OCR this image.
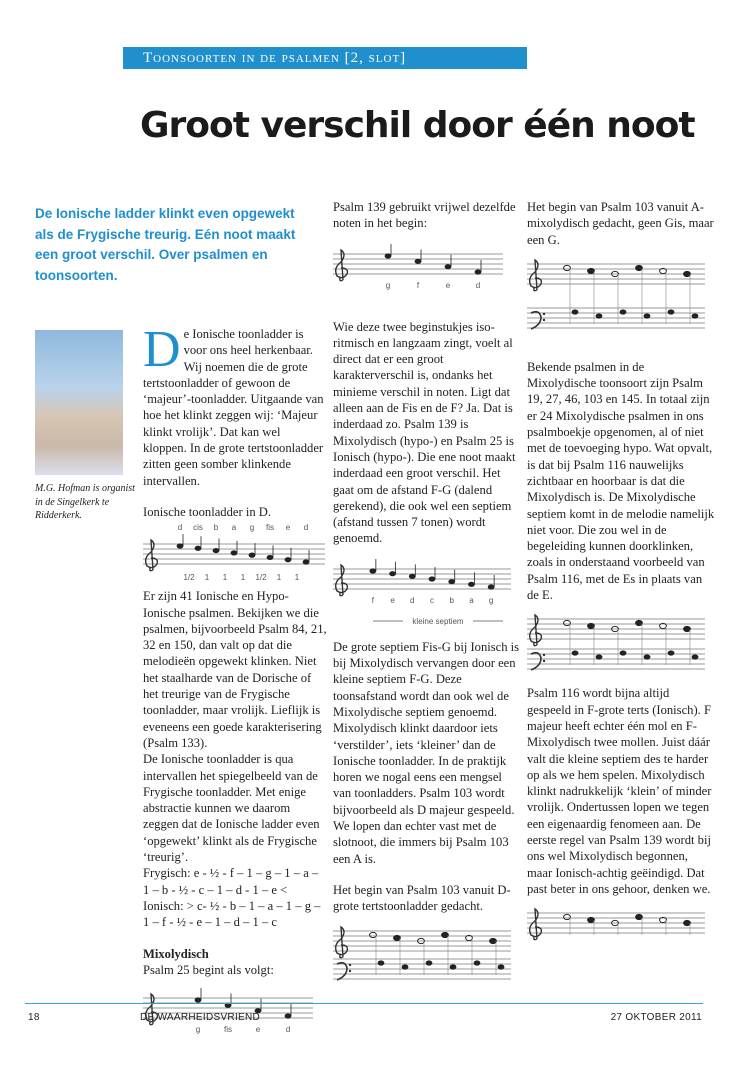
Toonsoorten in de psalmen [2, slot]
Groot verschil door één noot
De Ionische ladder klinkt even opgewekt als de Frygische treurig. Eén noot maakt een groot verschil. Over psalmen en toonsoorten.
M.G. Hofman is organist in de Singelkerk te Ridderkerk.
D e Ionische toonladder is voor ons heel herkenbaar. Wij noemen die de grote tertstoonladder of gewoon de ‘majeur’-toonladder. Uitgaande van hoe het klinkt zeggen wij: ‘Majeur klinkt vrolijk’. Dat kan wel kloppen. In de grote tertstoonladder zitten geen somber klinkende intervallen.

Ionische toonladder in D.

d cis b a g fis e d
1/2 1 1 1 1/2 1 1

Er zijn 41 Ionische en Hypo-Ionische psalmen. Bekijken we die psalmen, bijvoorbeeld Psalm 84, 21, 32 en 150, dan valt op dat die melodieën opgewekt klinken. Niet het staalharde van de Dorische of het treurige van de Frygische toonladder, maar vrolijk. Lieflijk is eveneens een goede karakterisering (Psalm 133).

De Ionische toonladder is qua intervallen het spiegelbeeld van de Frygische toonladder. Met enige abstractie kunnen we daarom zeggen dat de Ionische ladder even ‘opgewekt’ klinkt als de Frygische ‘treurig’.

Frygisch: e - ½ - f – 1 – g – 1 – a – 1 – b - ½ - c – 1 – d - 1 – e <

Ionisch: > c- ½ - b – 1 – a – 1 – g – 1 – f - ½ - e – 1 – d – 1 – c

Mixolydisch

Psalm 25 begint als volgt:

g	fis	e	d

Psalm 139 gebruikt vrijwel dezelfde noten in het begin:

g	f	e	d

Wie deze twee beginstukjes iso-ritmisch en langzaam zingt, voelt al direct dat er een groot karakterverschil is, ondanks het minieme verschil in noten. Ligt dat alleen aan de Fis en de F? Ja. Dat is inderdaad zo. Psalm 139 is Mixolydisch (hypo-) en Psalm 25 is Ionisch (hypo-). Die ene noot maakt inderdaad een groot verschil. Het gaat om de afstand F-G (dalend gerekend), die ook wel een septiem (afstand tussen 7 tonen) wordt genoemd.

f e d c b a g
kleine septiem

De grote septiem Fis-G bij Ionisch is bij Mixolydisch vervangen door een kleine septiem F-G. Deze toonsafstand wordt dan ook wel de Mixolydische septiem genoemd. Mixolydisch klinkt daardoor iets ‘verstilder’, iets ‘kleiner’ dan de Ionische toonladder. In de praktijk horen we nogal eens een mengsel van toonladders. Psalm 103 wordt bijvoorbeeld als D majeur gespeeld. We lopen dan echter vast met de slotnoot, die immers bij Psalm 103 een A is.

Het begin van Psalm 103 vanuit D-grote tertstoonladder gedacht.

Het begin van Psalm 103 vanuit A-mixolydisch gedacht, geen Gis, maar een G.

Bekende psalmen in de Mixolydische toonsoort zijn Psalm 19, 27, 46, 103 en 145. In totaal zijn er 24 Mixolydische psalmen in ons psalmboekje opgenomen, al of niet met de toevoeging hypo. Wat opvalt, is dat bij Psalm 116 nauwelijks zichtbaar en hoorbaar is dat die Mixolydisch is. De Mixolydische septiem komt in de melodie namelijk niet voor. Die zou wel in de begeleiding kunnen doorklinken, zoals in onderstaand voorbeeld van Psalm 116, met de Es in plaats van de E.

Psalm 116 wordt bijna altijd gespeeld in F-grote terts (Ionisch). F majeur heeft echter één mol en F-Mixolydisch twee mollen. Juist dáár valt die kleine septiem des te harder op als we hem spelen. Mixolydisch klinkt nadrukkelijk ‘klein’ of minder vrolijk. Ondertussen lopen we tegen een eigenaardig fenomeen aan. De eerste regel van Psalm 139 wordt bij ons wel Mixolydisch begonnen, maar Ionisch-achtig geëindigd. Dat past beter in ons gehoor, denken we.

18	DE WAARHEIDSVRIEND	27 OKTOBER 2011
